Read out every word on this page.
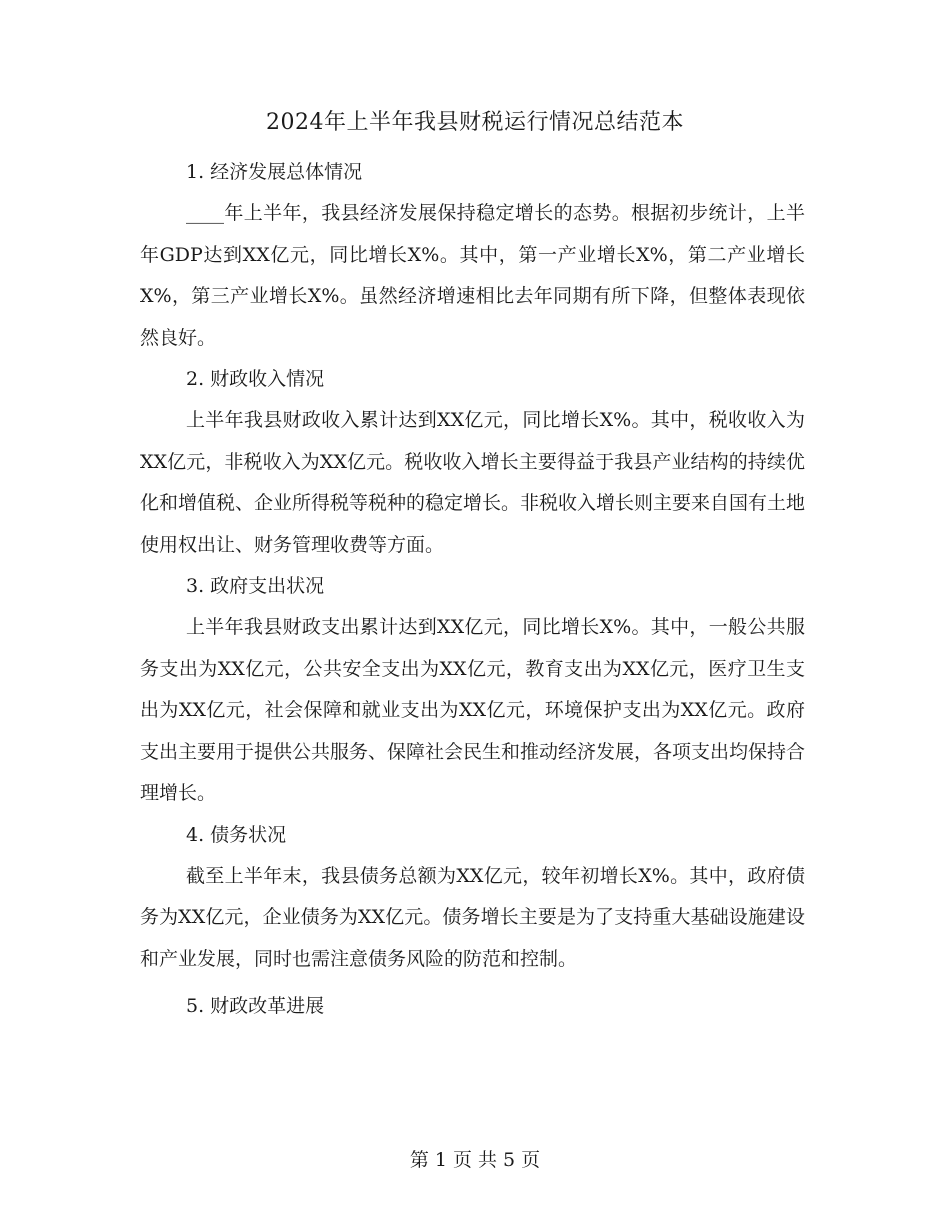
2024年上半年我县财税运行情况总结范本

1. 经济发展总体情况

____年上半年，我县经济发展保持稳定增长的态势。根据初步统计，上半年GDP达到XX亿元，同比增长X%。其中，第一产业增长X%，第二产业增长X%，第三产业增长X%。虽然经济增速相比去年同期有所下降，但整体表现依然良好。

2. 财政收入情况

上半年我县财政收入累计达到XX亿元，同比增长X%。其中，税收收入为XX亿元，非税收入为XX亿元。税收收入增长主要得益于我县产业结构的持续优化和增值税、企业所得税等税种的稳定增长。非税收入增长则主要来自国有土地使用权出让、财务管理收费等方面。

3. 政府支出状况

上半年我县财政支出累计达到XX亿元，同比增长X%。其中，一般公共服务支出为XX亿元，公共安全支出为XX亿元，教育支出为XX亿元，医疗卫生支出为XX亿元，社会保障和就业支出为XX亿元，环境保护支出为XX亿元。政府支出主要用于提供公共服务、保障社会民生和推动经济发展，各项支出均保持合理增长。

4. 债务状况

截至上半年末，我县债务总额为XX亿元，较年初增长X%。其中，政府债务为XX亿元，企业债务为XX亿元。债务增长主要是为了支持重大基础设施建设和产业发展，同时也需注意债务风险的防范和控制。

5. 财政改革进展

第 1 页 共 5 页
